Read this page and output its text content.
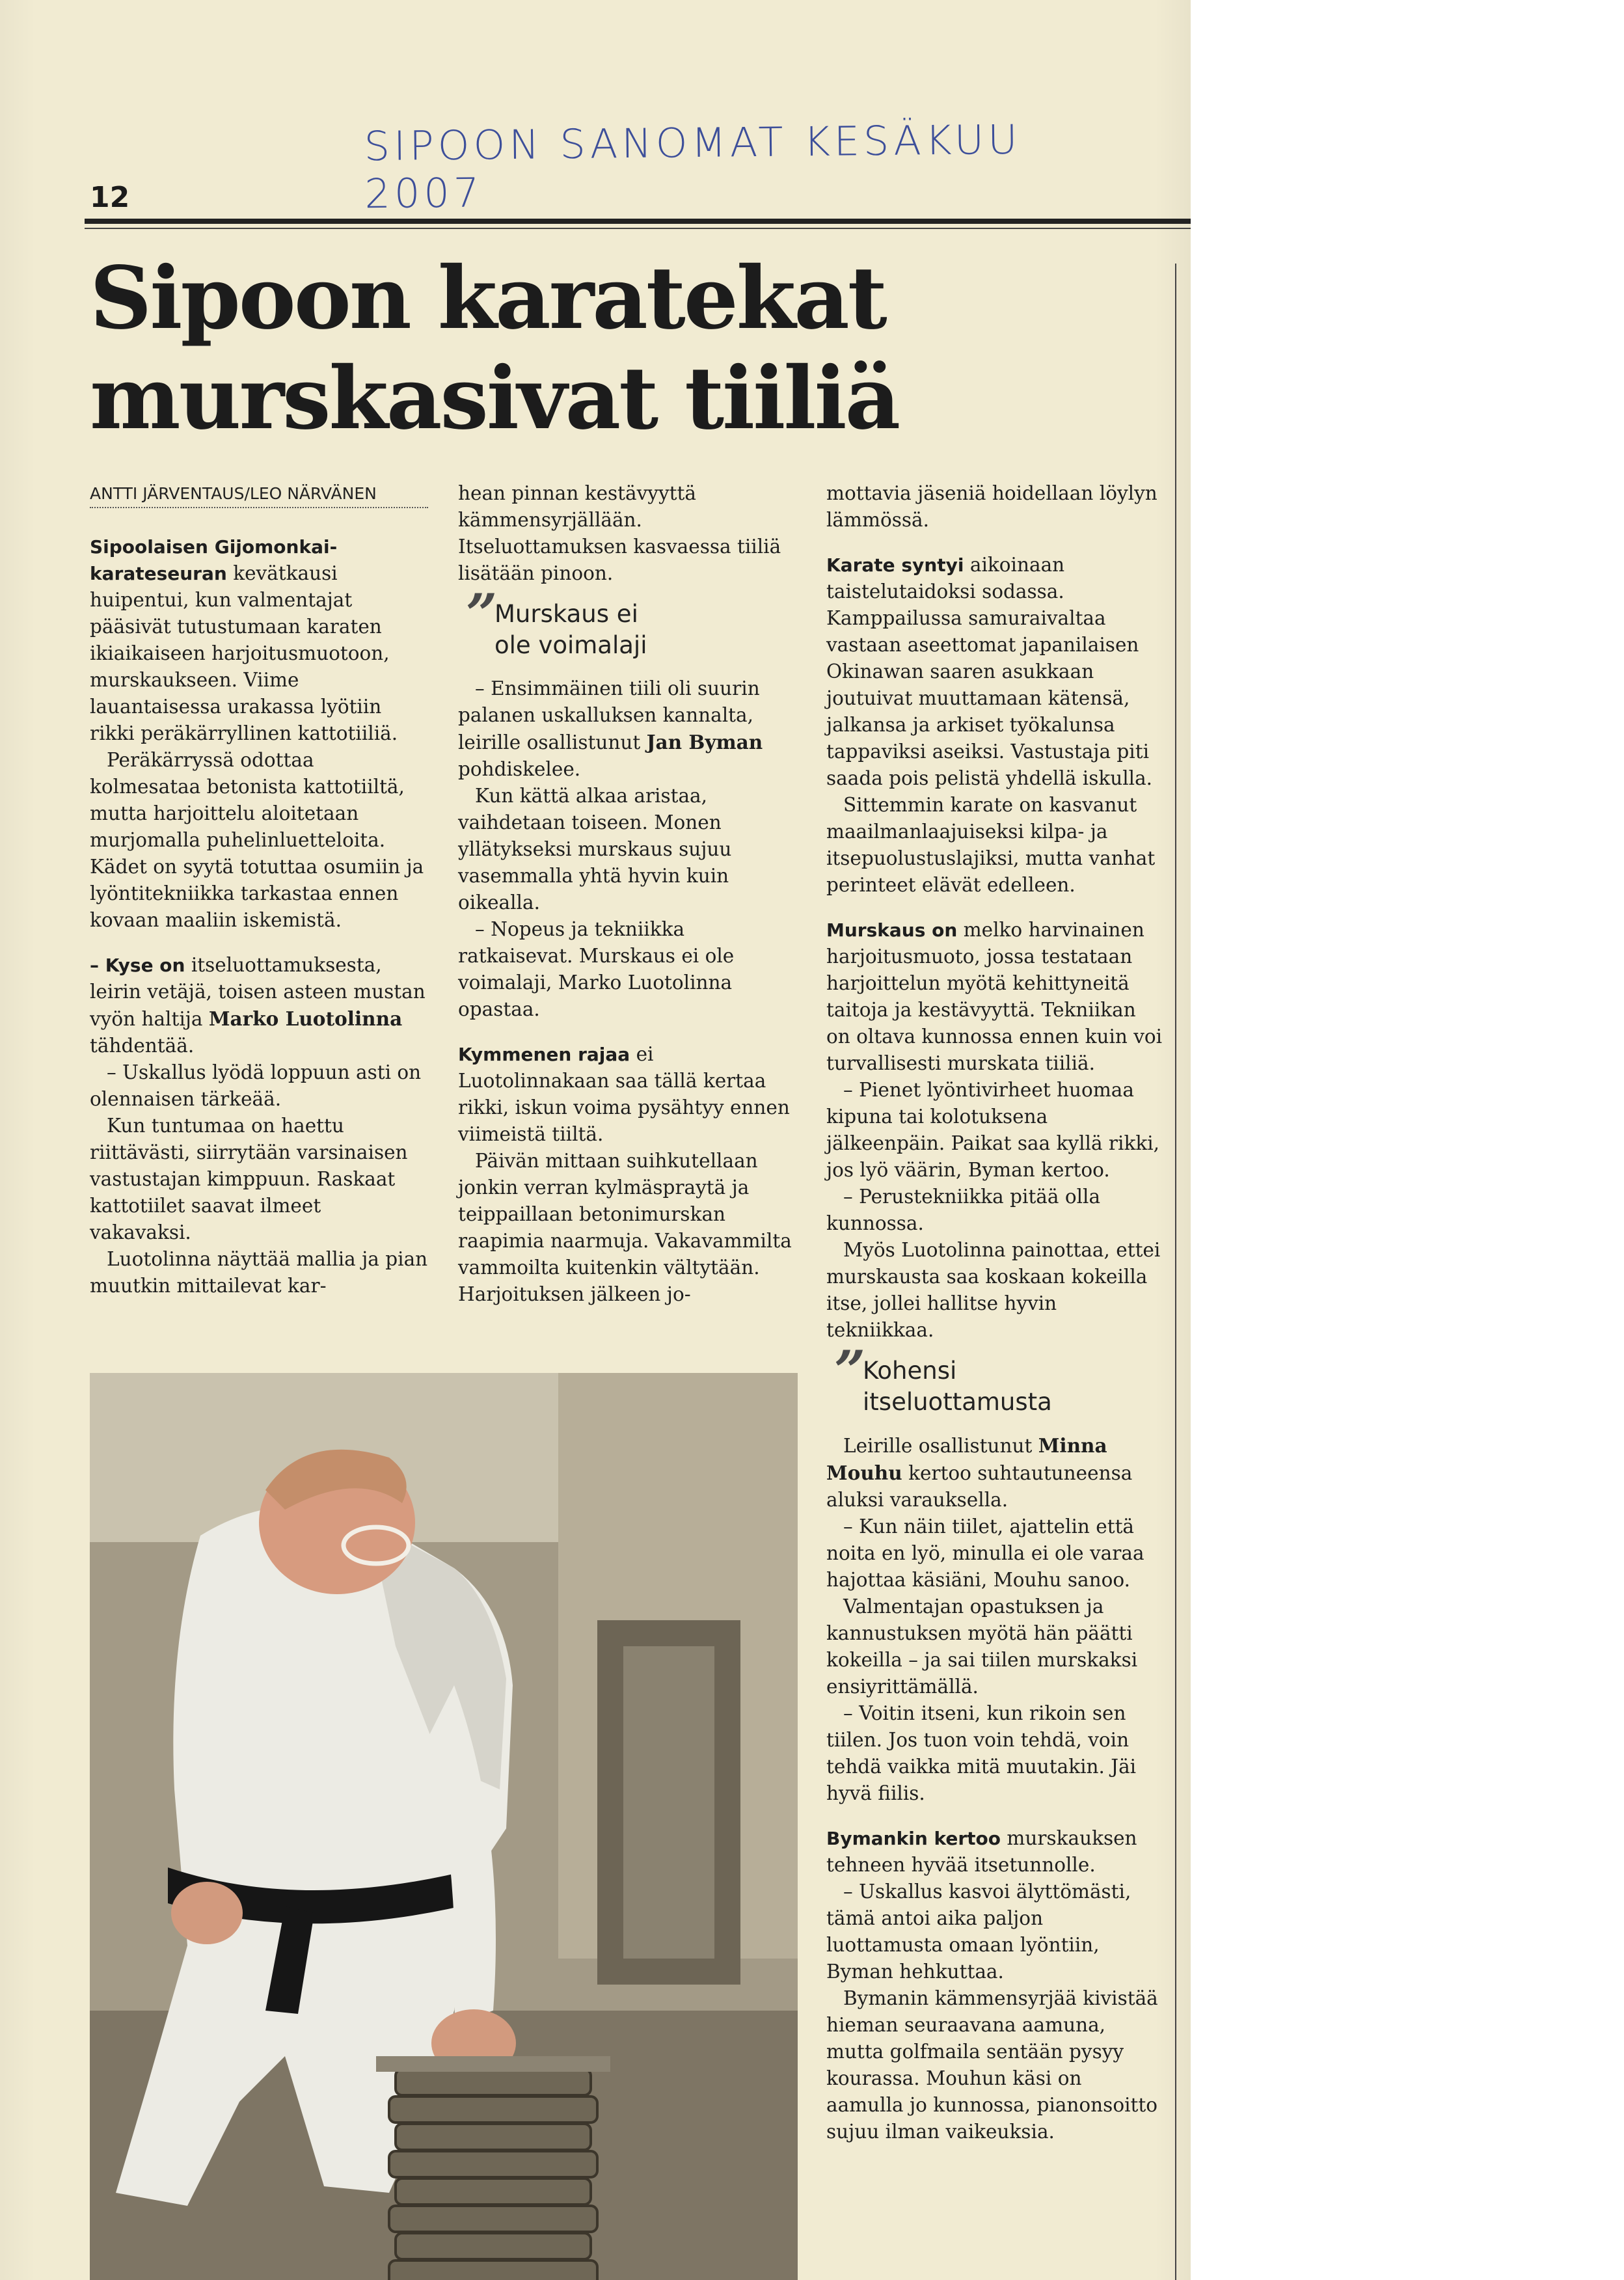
SIPOON SANOMAT KESÄKUU 2007
12
Sipoon karatekat
murskasivat tiiliä
ANTTI JÄRVENTAUS/LEO NÄRVÄNEN

Sipoolaisen Gijomonkai-karateseuran kevätkausi huipentui, kun valmentajat pääsivät tutustumaan karaten ikiaikaiseen harjoitusmuotoon, murskaukseen. Viime lauantaisessa urakassa lyötiin rikki peräkärryllinen kattotiiliä.

Peräkärryssä odottaa kolmesataa betonista kattotiiltä, mutta harjoittelu aloitetaan murjomalla puhelinluetteloita. Kädet on syytä totuttaa osumiin ja lyöntitekniikka tarkastaa ennen kovaan maaliin iskemistä.

– Kyse on itseluottamuksesta, leirin vetäjä, toisen asteen mustan vyön haltija Marko Luotolinna tähdentää.

– Uskallus lyödä loppuun asti on olennaisen tärkeää.

Kun tuntumaa on haettu riittävästi, siirrytään varsinaisen vastustajan kimppuun. Raskaat kattotiilet saavat ilmeet vakavaksi.

Luotolinna näyttää mallia ja pian muutkin mittailevat kar-

hean pinnan kestävyyttä kämmensyrjällään. Itseluottamuksen kasvaessa tiiliä lisätään pinoon.

”
Murskaus ei
ole voimalaji

– Ensimmäinen tiili oli suurin palanen uskalluksen kannalta, leirille osallistunut Jan Byman pohdiskelee.

Kun kättä alkaa aristaa, vaihdetaan toiseen. Monen yllätykseksi murskaus sujuu vasemmalla yhtä hyvin kuin oikealla.

– Nopeus ja tekniikka ratkaisevat. Murskaus ei ole voimalaji, Marko Luotolinna opastaa.

Kymmenen rajaa ei Luotolinnakaan saa tällä kertaa rikki, iskun voima pysähtyy ennen viimeistä tiiltä.

Päivän mittaan suihkutellaan jonkin verran kylmäspraytä ja teippaillaan betonimurskan raapimia naarmuja. Vakavammilta vammoilta kuitenkin vältytään. Harjoituksen jälkeen jo-

mottavia jäseniä hoidellaan löylyn lämmössä.

Karate syntyi aikoinaan taistelutaidoksi sodassa. Kamppailussa samuraivaltaa vastaan aseettomat japanilaisen Okinawan saaren asukkaan joutuivat muuttamaan kätensä, jalkansa ja arkiset työkalunsa tappaviksi aseiksi. Vastustaja piti saada pois pelistä yhdellä iskulla.

Sittemmin karate on kasvanut maailmanlaajuiseksi kilpa- ja itsepuolustuslajiksi, mutta vanhat perinteet elävät edelleen.

Murskaus on melko harvinainen harjoitusmuoto, jossa testataan harjoittelun myötä kehittyneitä taitoja ja kestävyyttä. Tekniikan on oltava kunnossa ennen kuin voi turvallisesti murskata tiiliä.

– Pienet lyöntivirheet huomaa kipuna tai kolotuksena jälkeenpäin. Paikat saa kyllä rikki, jos lyö väärin, Byman kertoo.

– Perustekniikka pitää olla kunnossa.

Myös Luotolinna painottaa, ettei murskausta saa koskaan kokeilla itse, jollei hallitse hyvin tekniikkaa.

”
Kohensi
itseluottamusta

Leirille osallistunut Minna Mouhu kertoo suhtautuneensa aluksi varauksella.

– Kun näin tiilet, ajattelin että noita en lyö, minulla ei ole varaa hajottaa käsiäni, Mouhu sanoo.

Valmentajan opastuksen ja kannustuksen myötä hän päätti kokeilla – ja sai tiilen murskaksi ensiyrittämällä.

– Voitin itseni, kun rikoin sen tiilen. Jos tuon voin tehdä, voin tehdä vaikka mitä muutakin. Jäi hyvä fiilis.

Bymankin kertoo murskauksen tehneen hyvää itsetunnolle.

– Uskallus kasvoi älyttömästi, tämä antoi aika paljon luottamusta omaan lyöntiin, Byman hehkuttaa.

Bymanin kämmensyrjää kivistää hieman seuraavana aamuna, mutta golfmaila sentään pysyy kourassa. Mouhun käsi on aamulla jo kunnossa, pianonsoitto sujuu ilman vaikeuksia.
